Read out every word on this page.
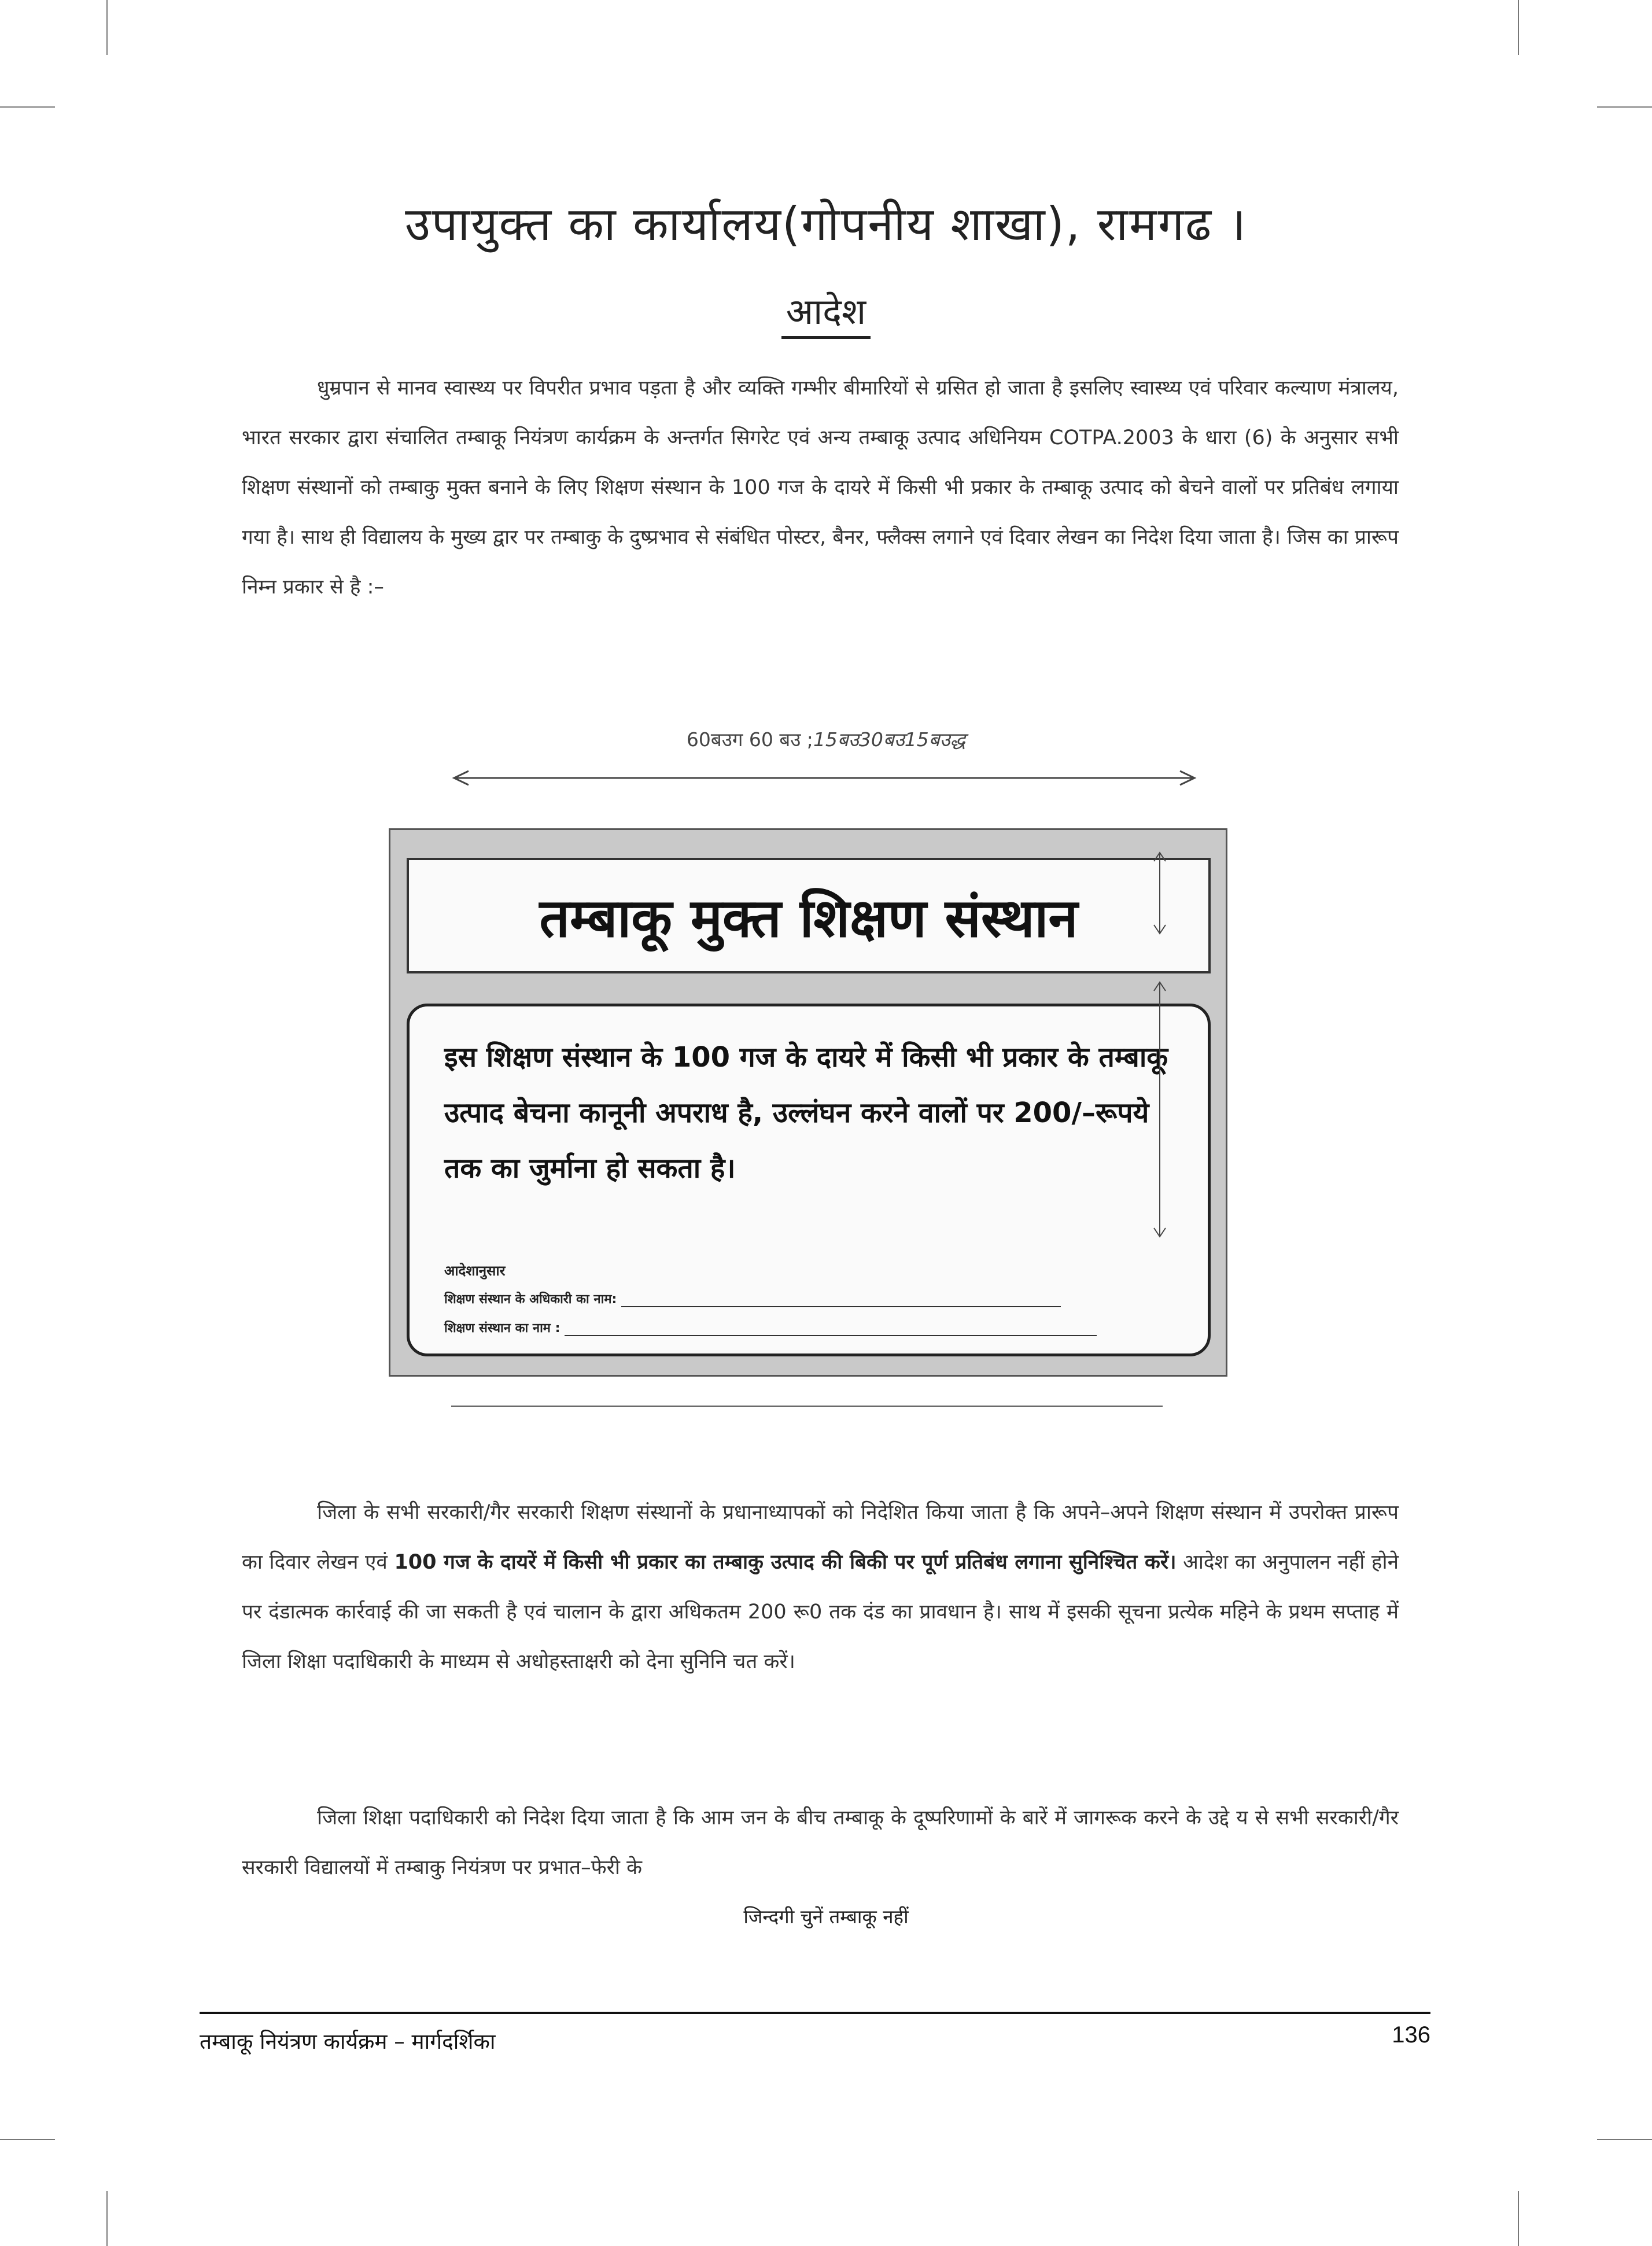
उपायुक्त का कार्यालय(गोपनीय शाखा), रामगढ ।
आदेश

धुम्रपान से मानव स्वास्थ्य पर विपरीत प्रभाव पड़ता है और व्यक्ति गम्भीर बीमारियों से ग्रसित हो जाता है इसलिए स्वास्थ्य एवं परिवार कल्याण मंत्रालय, भारत सरकार द्वारा संचालित तम्बाकू नियंत्रण कार्यक्रम के अन्तर्गत सिगरेट एवं अन्य तम्बाकू उत्पाद अधिनियम COTPA.2003 के धारा (6) के अनुसार सभी शिक्षण संस्थानों को तम्बाकु मुक्त बनाने के लिए शिक्षण संस्थान के 100 गज के दायरे में किसी भी प्रकार के तम्बाकू उत्पाद को बेचने वालों पर प्रतिबंध लगाया गया है। साथ ही विद्यालय के मुख्य द्वार पर तम्बाकु के दुष्प्रभाव से संबंधित पोस्टर, बैनर, फ्लैक्स लगाने एवं दिवार लेखन का निदेश दिया जाता है। जिस का प्रारूप निम्न प्रकार से है :–

60बउग 60 बउ ;15बउ30बउ15बउद्ध
तम्बाकू मुक्त शिक्षण संस्थान

इस शिक्षण संस्थान के 100 गज के दायरे में किसी भी प्रकार के तम्बाकू उत्पाद बेचना कानूनी अपराध है, उल्लंघन करने वालों पर 200/–रूपये तक का जुर्माना हो सकता है।

आदेशानुसार
शिक्षण संस्थान के अधिकारी का नाम:
शिक्षण संस्थान का नाम :

जिला के सभी सरकारी/गैर सरकारी शिक्षण संस्थानों के प्रधानाध्यापकों को निदेशित किया जाता है कि अपने–अपने शिक्षण संस्थान में उपरोक्त प्रारूप का दिवार लेखन एवं 100 गज के दायरें में किसी भी प्रकार का तम्बाकु उत्पाद की बिकी पर पूर्ण प्रतिबंध लगाना सुनिश्चित करें। आदेश का अनुपालन नहीं होने पर दंडात्मक कार्रवाई की जा सकती है एवं चालान के द्वारा अधिकतम 200 रू0 तक दंड का प्रावधान है। साथ में इसकी सूचना प्रत्येक महिने के प्रथम सप्ताह में जिला शिक्षा पदाधिकारी के माध्यम से अधोहस्ताक्षरी को देना सुनिनि चत करें।

जिला शिक्षा पदाधिकारी को निदेश दिया जाता है कि आम जन के बीच तम्बाकू के दूष्परिणामों के बारें में जागरूक करने के उद्दे य से सभी सरकारी/गैर सरकारी विद्यालयों में तम्बाकु नियंत्रण पर प्रभात–फेरी के

जिन्दगी चुनें तम्बाकू नहीं
तम्बाकू नियंत्रण कार्यक्रम – मार्गदर्शिका	136
